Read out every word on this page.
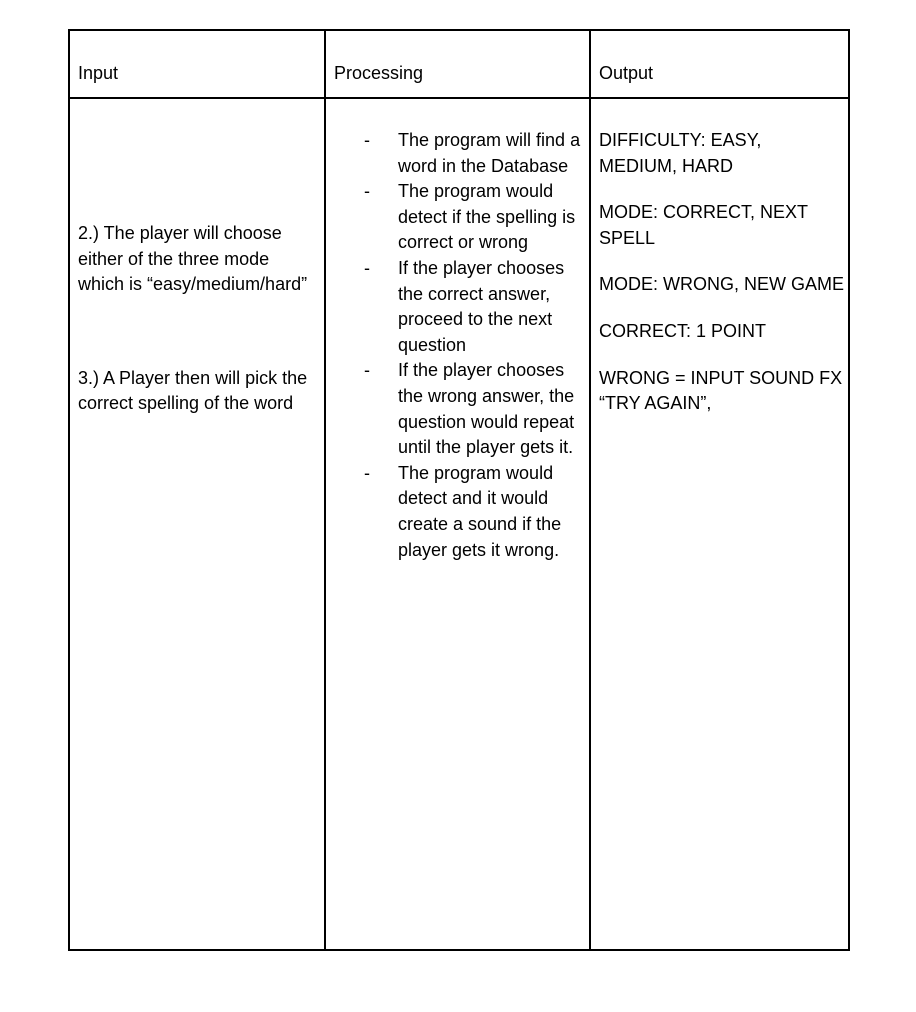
Input	Processing	Output

2.) The player will choose either of the three mode which is “easy/medium/hard”

3.) A Player then will pick the correct spelling of the word

- The program will find a word in the Database
- The program would detect if the spelling is correct or wrong
- If the player chooses the correct answer, proceed to the next question
- If the player chooses the wrong answer, the question would repeat until the player gets it.
- The program would detect and it would create a sound if the player gets it wrong.

DIFFICULTY: EASY, MEDIUM, HARD

MODE: CORRECT, NEXT SPELL

MODE: WRONG, NEW GAME

CORRECT: 1 POINT

WRONG = INPUT SOUND FX “TRY AGAIN”,
